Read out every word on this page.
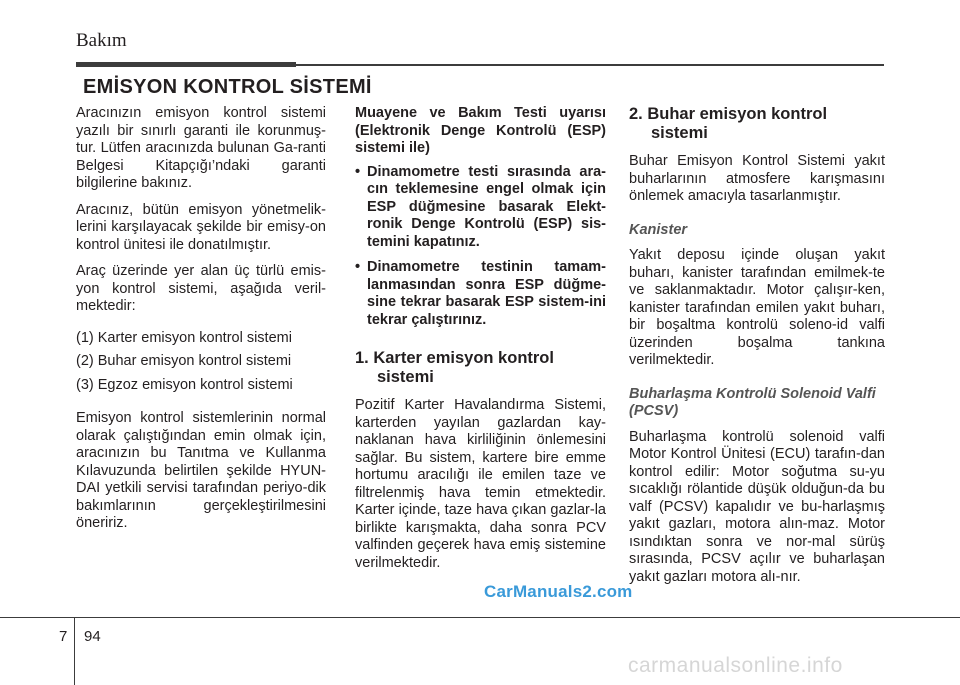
Bakım
EMİSYON KONTROL SİSTEMİ

Aracınızın emisyon kontrol sistemi yazılı bir sınırlı garanti ile korunmuş-tur. Lütfen aracınızda bulunan Ga-ranti Belgesi Kitapçığı’ndaki garanti bilgilerine bakınız.

Aracınız, bütün emisyon yönetmelik-lerini karşılayacak şekilde bir emisy-on kontrol ünitesi ile donatılmıştır.

Araç üzerinde yer alan üç türlü emis-yon kontrol sistemi, aşağıda veril-mektedir:

(1) Karter emisyon kontrol sistemi
(2) Buhar emisyon kontrol sistemi
(3) Egzoz emisyon kontrol sistemi

Emisyon kontrol sistemlerinin normal olarak çalıştığından emin olmak için, aracınızın bu Tanıtma ve Kullanma Kılavuzunda belirtilen şekilde HYUN-DAI yetkili servisi tarafından periyo-dik bakımlarının gerçekleştirilmesini öneririz.

Muayene ve Bakım Testi uyarısı (Elektronik Denge Kontrolü (ESP) sistemi ile)

• Dinamometre testi sırasında ara-cın teklemesine engel olmak için ESP düğmesine basarak Elekt-ronik Denge Kontrolü (ESP) sis-temini kapatınız.
• Dinamometre testinin tamam-lanmasından sonra ESP düğme-sine tekrar basarak ESP sistem-ini tekrar çalıştırınız.
1. Karter emisyon kontrol sistemi

Pozitif Karter Havalandırma Sistemi, karterden yayılan gazlardan kay-naklanan hava kirliliğinin önlemesini sağlar. Bu sistem, kartere bire emme hortumu aracılığı ile emilen taze ve filtrelenmiş hava temin etmektedir. Karter içinde, taze hava çıkan gazlar-la birlikte karışmakta, daha sonra PCV valfinden geçerek hava emiş sistemine verilmektedir.

2. Buhar emisyon kontrol sistemi

Buhar Emisyon Kontrol Sistemi yakıt buharlarının atmosfere karışmasını önlemek amacıyla tasarlanmıştır.

Kanister

Yakıt deposu içinde oluşan yakıt buharı, kanister tarafından emilmek-te ve saklanmaktadır. Motor çalışır-ken, kanister tarafından emilen yakıt buharı, bir boşaltma kontrolü soleno-id valfi üzerinden boşalma tankına verilmektedir.

Buharlaşma Kontrolü Solenoid Valfi (PCSV)

Buharlaşma kontrolü solenoid valfi Motor Kontrol Ünitesi (ECU) tarafın-dan kontrol edilir: Motor soğutma su-yu sıcaklığı rölantide düşük olduğun-da bu valf (PCSV) kapalıdır ve bu-harlaşmış yakıt gazları, motora alın-maz. Motor ısındıktan sonra ve nor-mal sürüş sırasında, PCSV açılır ve buharlaşan yakıt gazları motora alı-nır.

CarManuals2.com
7 94
carmanualsonline.info
